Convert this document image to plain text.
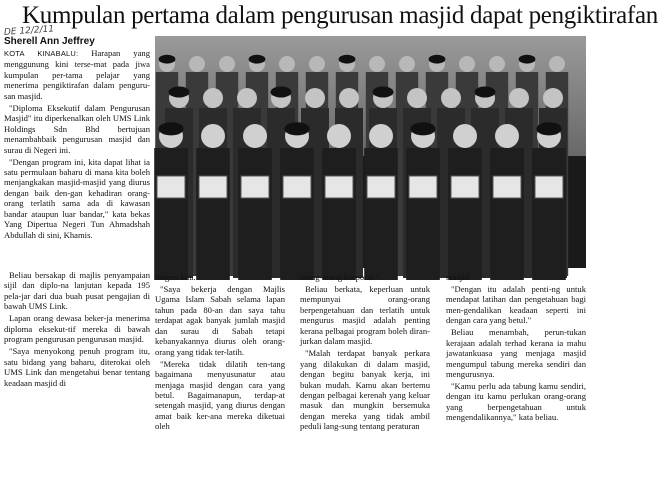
Kumpulan pertama dalam pengurusan masjid dapat pengiktirafan
DE 12/2/11
Sherell Ann Jeffrey

KOTA KINABALU: Harapan yang menggunung kini terse-mat pada jiwa kumpulan per-tama pelajar yang menerima pengiktirafan dalam penguru-san masjid.

"Diploma Eksekutif dalam Pengurusan Masjid" itu diperkenalkan oleh UMS Link Holdings Sdn Bhd bertujuan menambahbaik pengurusan masjid dan surau di Negeri ini.

"Dengan program ini, kita dapat lihat ia satu permulaan baharu di mana kita boleh menjangkakan masjid-masjid yang diurus dengan baik den-gan kehadiran orang-orang terlatih sama ada di kawasan bandar ataupun luar bandar," kata bekas Yang Dipertua Negeri Tun Ahmadshah Abdullah di sini, Khamis.

Beliau bersakap di majlis penyampaian sijil dan diplo-na lanjutan kepada 195 pela-jar dari dua buah pusat pengajian di bawah UMS Link.

Lapan orang dewasa beker-ja menerima diploma eksekut-tif mereka di bawah program pengurusan pengurusan masjid.

"Saya menyokong penuh program itu, satu bidang yang baharu, diterokai oleh UMS Link dan mengetahui benar tentang keadaan masjid di

Negeri kita.

"Saya bekerja dengan Majlis Ugama Islam Sabah selama lapan tahun pada 80-an dan saya tahu terdapat agak banyak jumlah masjid dan surau di Sabah tetapi kebanyakannya diurus oleh orang-orang yang tidak ter-latih.

"Mereka tidak dilatih ten-tang bagaimana menyusunatur atau menjaga masjid dengan cara yang betul. Bagaimanapun, terdap-at setengah masjid, yang diurus dengan amat baik ker-ana mereka diketuai oleh

orang-orang korporat."

Beliau berkata, keperluan untuk mempunyai orang-orang berpengetahuan dan terlatih untuk mengurus masjid adalah penting kerana pelbagai program boleh diran-jurkan dalam masjid.

"Malah terdapat banyak perkara yang dilakukan di dalam masjid, dengan begitu banyak kerja, ini bukan mudah. Kamu akan bertemu dengan pelbagai kerenah yang keluar masuk dan mungkin bersemuka dengan mereka yang tidak ambil peduli lang-sung tentang peraturan

masjid.

"Dengan itu adalah penti-ng untuk mendapat latihan dan pengetahuan bagi men-gendalikan keadaan seperti ini dengan cara yang betul."

Beliau menambah, perun-tukan kerajaan adalah terhad kerana ia mahu jawatankuasa yang menjaga masjid mengumpul tabung mereka sendiri dan mengurusnya.

"Kamu perlu ada tabung kamu sendiri, dengan itu kamu perlukan orang-orang yang berpengetahuan untuk mengendalikannya," kata beliau.
